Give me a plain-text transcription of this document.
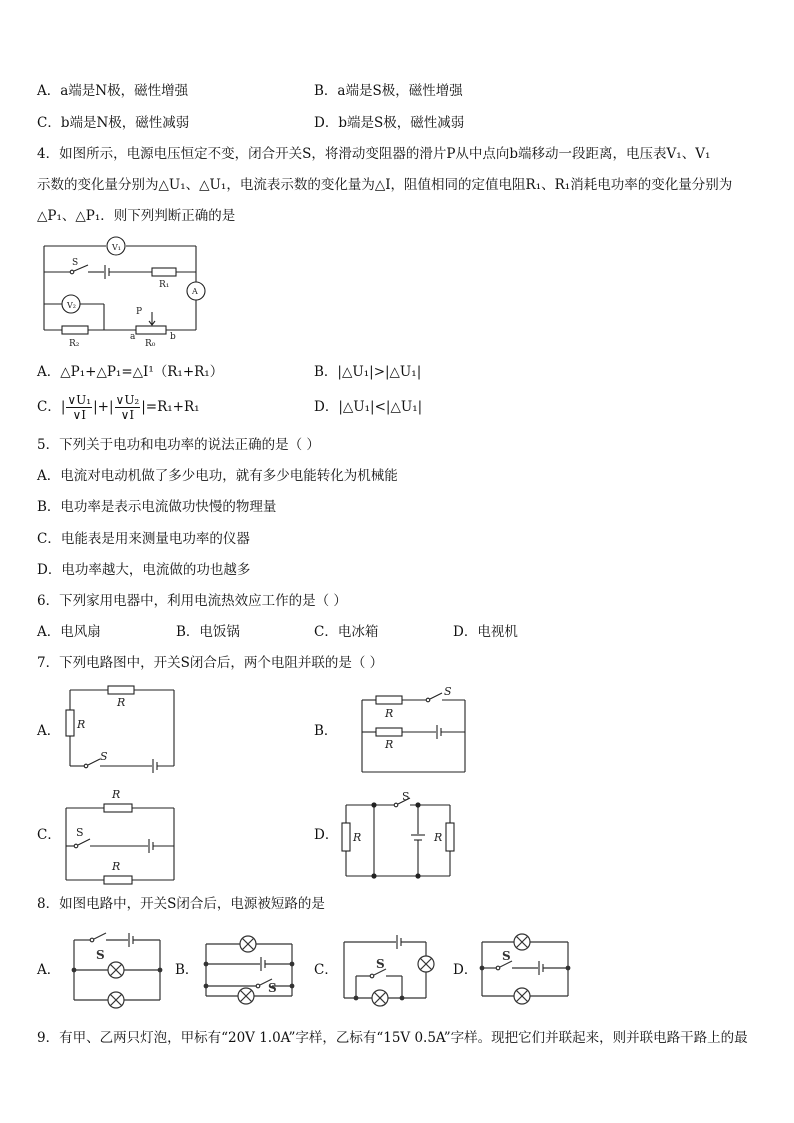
A．a端是N极，磁性增强	B．a端是S极，磁性增强
C．b端是N极，磁性减弱	D．b端是S极，磁性减弱
4．如图所示，电源电压恒定不变，闭合开关S，将滑动变阻器的滑片P从中点向b端移动一段距离，电压表V₁、V₁
示数的变化量分别为△U₁、△U₁，电流表示数的变化量为△I，阻值相同的定值电阻R₁、R₁消耗电功率的变化量分别为
△P₁、△P₁．则下列判断正确的是
V₁
V₂
S
R₁
A
P
R₂	R₀
a	b
A．△P₁+△P₁=△I¹（R₁+R₁）	B．|△U₁|>|△U₁|
C．| $\frac{\text{∨U₁}}{\vee I}$ |+| $\frac{\text{∨U₂}}{\vee I} |=R_1+R_1$	D．|△U₁|<|△U₁|
5．下列关于电功和电功率的说法正确的是（ ）
A．电流对电动机做了多少电功，就有多少电能转化为机械能
B．电功率是表示电流做功快慢的物理量
C．电能表是用来测量电功率的仪器
D．电功率越大，电流做的功也越多
6．下列家用电器中，利用电流热效应工作的是（ ）
A．电风扇	B．电饭锅	C．电冰箱	D．电视机
7．下列电路图中，开关S闭合后，两个电阻并联的是（ ）
A．
R
R
S
B．
R
R
S
C．
R
R
S	D． R	R
S
8．如图电路中，开关S闭合后，电源被短路的是
A．
S
B．
S
C．	S	D．
S
9．有甲、乙两只灯泡，甲标有“20V 1.0A”字样，乙标有“15V 0.5A”字样。现把它们并联起来，则并联电路干路上的最
